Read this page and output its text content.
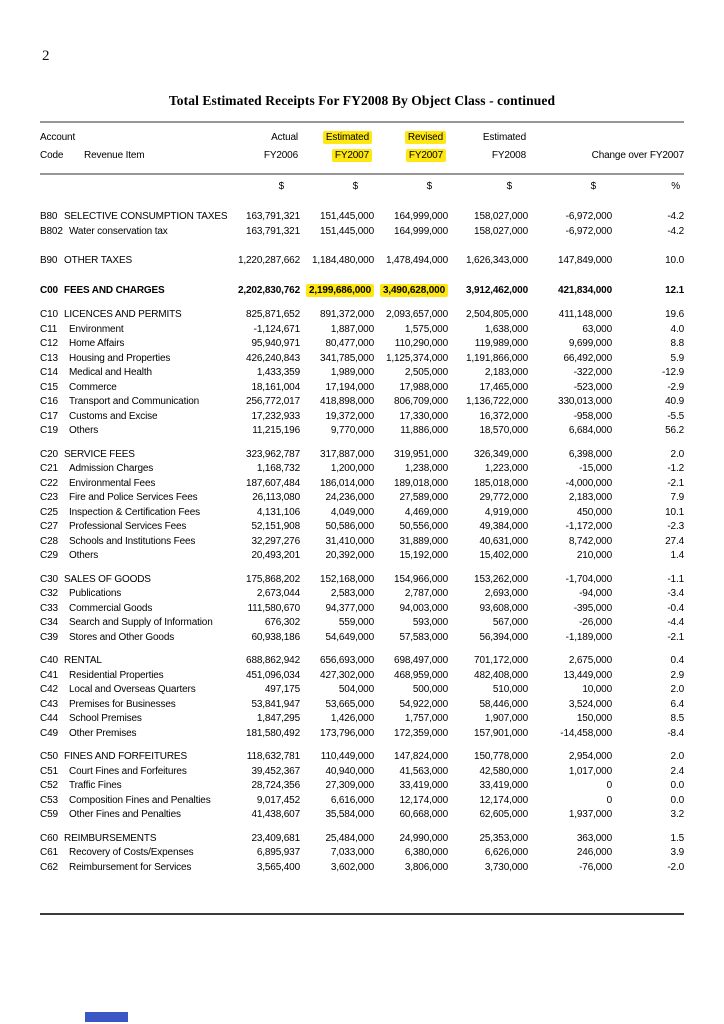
2
Total Estimated Receipts For FY2008 By Object Class - continued
Account	Actual	Estimated	Revised	Estimated
Code	Revenue Item	FY2006	FY2007	FY2007	FY2008	Change over FY2007
$	$	$	$	$	%
B80 SELECTIVE CONSUMPTION TAXES	163,791,321	151,445,000	164,999,000	158,027,000	-6,972,000	-4.2
B802 Water conservation tax	163,791,321	151,445,000	164,999,000	158,027,000	-6,972,000	-4.2
B90 OTHER TAXES	1,220,287,662	1,184,480,000	1,478,494,000	1,626,343,000	147,849,000	10.0
C00 FEES AND CHARGES	2,202,830,762 2,199,686,000	3,490,628,000	3,912,462,000	421,834,000	12.1
C10 LICENCES AND PERMITS	825,871,652	891,372,000	2,093,657,000	2,504,805,000	411,148,000	19.6
C11	Environment	-1,124,671	1,887,000	1,575,000	1,638,000	63,000	4.0
C12	Home Affairs	95,940,971	80,477,000	110,290,000	119,989,000	9,699,000	8.8
C13	Housing and Properties	426,240,843	341,785,000	1,125,374,000	1,191,866,000	66,492,000	5.9
C14	Medical and Health	1,433,359	1,989,000	2,505,000	2,183,000	-322,000	-12.9
C15	Commerce	18,161,004	17,194,000	17,988,000	17,465,000	-523,000	-2.9
C16	Transport and Communication	256,772,017	418,898,000	806,709,000	1,136,722,000	330,013,000	40.9
C17	Customs and Excise	17,232,933	19,372,000	17,330,000	16,372,000	-958,000	-5.5
C19	Others	11,215,196	9,770,000	11,886,000	18,570,000	6,684,000	56.2
C20 SERVICE FEES	323,962,787	317,887,000	319,951,000	326,349,000	6,398,000	2.0
C21	Admission Charges	1,168,732	1,200,000	1,238,000	1,223,000	-15,000	-1.2
C22	Environmental Fees	187,607,484	186,014,000	189,018,000	185,018,000	-4,000,000	-2.1
C23	Fire and Police Services Fees	26,113,080	24,236,000	27,589,000	29,772,000	2,183,000	7.9
C25	Inspection & Certification Fees	4,131,106	4,049,000	4,469,000	4,919,000	450,000	10.1
C27	Professional Services Fees	52,151,908	50,586,000	50,556,000	49,384,000	-1,172,000	-2.3
C28	Schools and Institutions Fees	32,297,276	31,410,000	31,889,000	40,631,000	8,742,000	27.4
C29	Others	20,493,201	20,392,000	15,192,000	15,402,000	210,000	1.4
C30 SALES OF GOODS	175,868,202	152,168,000	154,966,000	153,262,000	-1,704,000	-1.1
C32	Publications	2,673,044	2,583,000	2,787,000	2,693,000	-94,000	-3.4
C33	Commercial Goods	111,580,670	94,377,000	94,003,000	93,608,000	-395,000	-0.4
C34	Search and Supply of Information	676,302	559,000	593,000	567,000	-26,000	-4.4
C39	Stores and Other Goods	60,938,186	54,649,000	57,583,000	56,394,000	-1,189,000	-2.1
C40 RENTAL	688,862,942	656,693,000	698,497,000	701,172,000	2,675,000	0.4
C41	Residential Properties	451,096,034	427,302,000	468,959,000	482,408,000	13,449,000	2.9
C42	Local and Overseas Quarters	497,175	504,000	500,000	510,000	10,000	2.0
C43	Premises for Businesses	53,841,947	53,665,000	54,922,000	58,446,000	3,524,000	6.4
C44	School Premises	1,847,295	1,426,000	1,757,000	1,907,000	150,000	8.5
C49	Other Premises	181,580,492	173,796,000	172,359,000	157,901,000	-14,458,000	-8.4
C50 FINES AND FORFEITURES	118,632,781	110,449,000	147,824,000	150,778,000	2,954,000	2.0
C51	Court Fines and Forfeitures	39,452,367	40,940,000	41,563,000	42,580,000	1,017,000	2.4
C52	Traffic Fines	28,724,356	27,309,000	33,419,000	33,419,000	0	0.0
C53	Composition Fines and Penalties	9,017,452	6,616,000	12,174,000	12,174,000	0	0.0
C59	Other Fines and Penalties	41,438,607	35,584,000	60,668,000	62,605,000	1,937,000	3.2
C60 REIMBURSEMENTS	23,409,681	25,484,000	24,990,000	25,353,000	363,000	1.5
C61	Recovery of Costs/Expenses	6,895,937	7,033,000	6,380,000	6,626,000	246,000	3.9
C62	Reimbursement for Services	3,565,400	3,602,000	3,806,000	3,730,000	-76,000	-2.0
